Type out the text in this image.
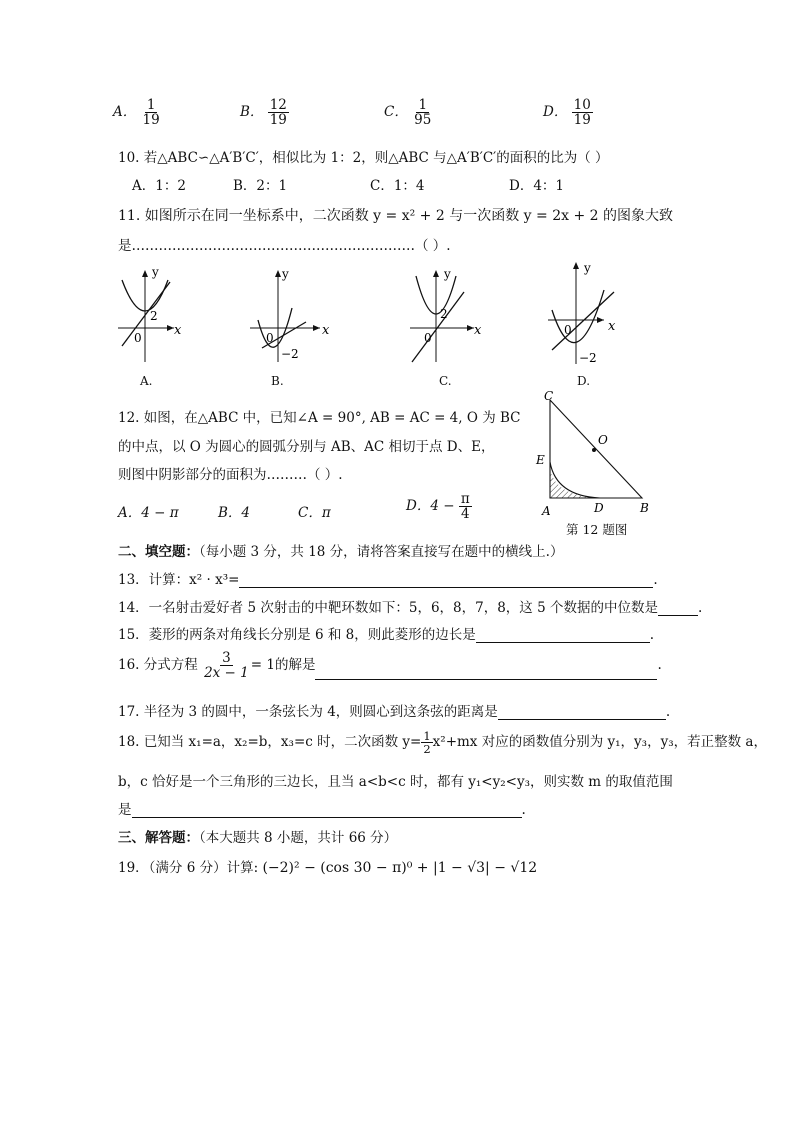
A． $\frac{1}{19}$	B． $\frac{12}{19}$	C． $\frac{1}{95}$	D． $\frac{10}{19}$
10. 若△ABC∽△A′B′C′，相似比为 1：2，则△ABC 与△A′B′C′的面积的比为（ ）
A．1：2	B．2：1	C．1：4	D．4：1
11. 如图所示在同一坐标系中，二次函数 y = x² + 2 与一次函数 y = 2x + 2 的图象大致
是………………………………………………………（ ）.
y
x
2
0
y
x
0
−2
y
x
2
0
y
x
0
−2
A.	B.	C.	D.
12. 如图，在△ABC 中，已知∠A = 90°, AB = AC = 4, O 为 BC
的中点，以 O 为圆心的圆弧分别与 AB、AC 相切于点 D、E，
则图中阴影部分的面积为………（ ）.
A．4 − π	B．4	C．π	D．$4 - \frac{\pi}{4}$
C
O
E
A	D	B
第 12 题图
二、填空题：（每小题 3 分，共 18 分，请将答案直接写在题中的横线上.）
13．计算：x² · x³=	.
14．一名射击爱好者 5 次射击的中靶环数如下：5，6，8，7，8，这 5 个数据的中位数是	.
15．菱形的两条对角线长分别是 6 和 8，则此菱形的边长是	.
16. 分式方程 $\frac{3}{2x - 1} = 1$的解是	.
17. 半径为 3 的圆中，一条弦长为 4，则圆心到这条弦的距离是	.
18. 已知当 x₁=a，x₂=b，x₃=c 时，二次函数 $y= \frac{1}{2} x^2+mx$ 对应的函数值分别为 y₁，y₃，y₃，若正整数 a，
b，c 恰好是一个三角形的三边长，且当 a<b<c 时，都有 y₁<y₂<y₃，则实数 m 的取值范围
是	.
三、解答题：（本大题共 8 小题，共计 66 分）
19．（满分 6 分）计算: (−2)² − (cos 30 − π)⁰ + |1 − √3| − √12
